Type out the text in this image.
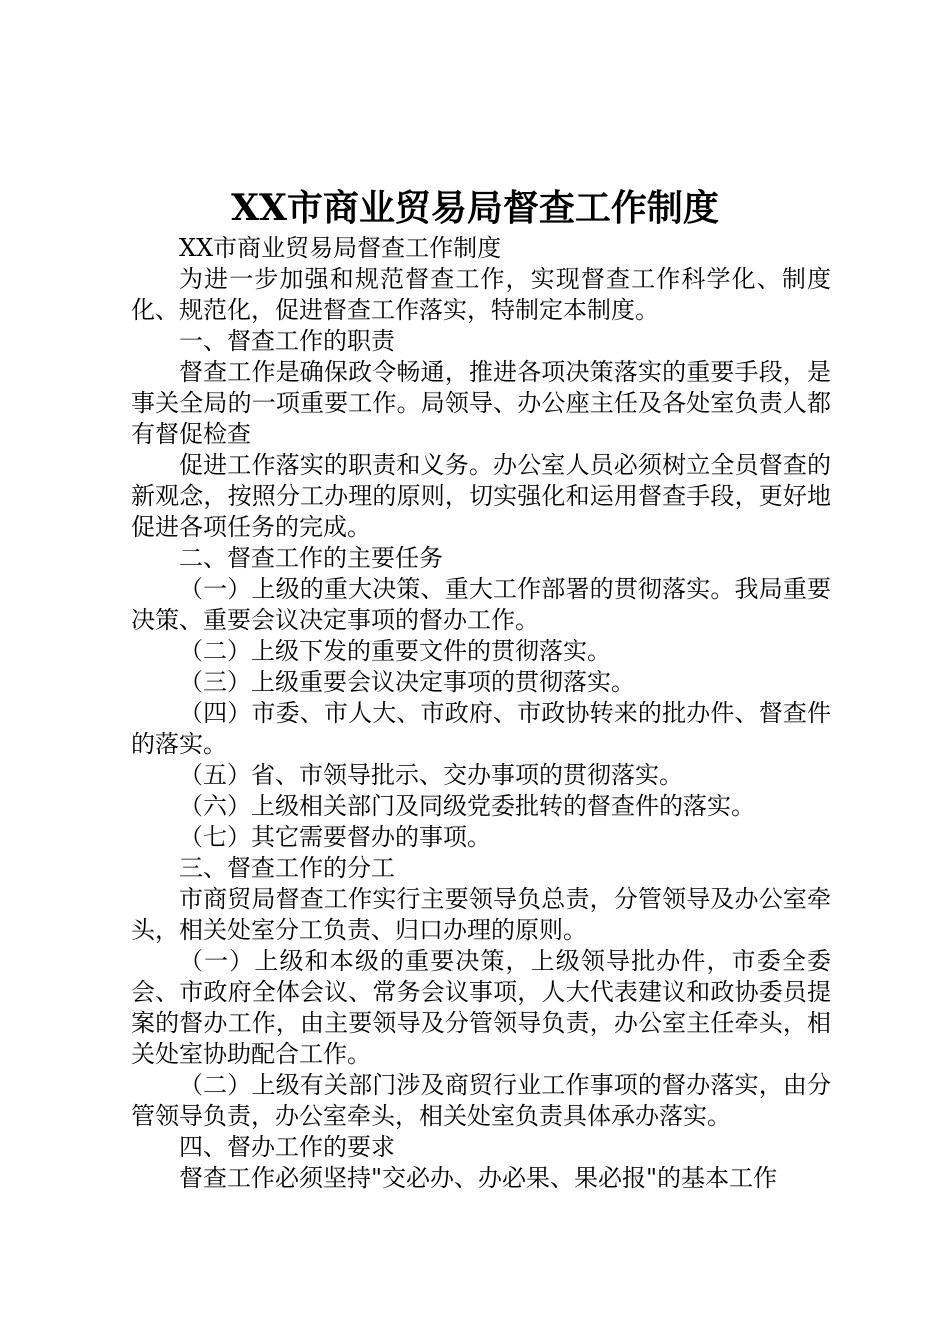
XX市商业贸易局督查工作制度

XX市商业贸易局督查工作制度

为进一步加强和规范督查工作，实现督查工作科学化、制度化、规范化，促进督查工作落实，特制定本制度。

一、督查工作的职责

督查工作是确保政令畅通，推进各项决策落实的重要手段，是事关全局的一项重要工作。局领导、办公座主任及各处室负责人都有督促检查

促进工作落实的职责和义务。办公室人员必须树立全员督查的新观念，按照分工办理的原则，切实强化和运用督查手段，更好地促进各项任务的完成。

二、督查工作的主要任务

（一）上级的重大决策、重大工作部署的贯彻落实。我局重要决策、重要会议决定事项的督办工作。

（二）上级下发的重要文件的贯彻落实。

（三）上级重要会议决定事项的贯彻落实。

（四）市委、市人大、市政府、市政协转来的批办件、督查件的落实。

（五）省、市领导批示、交办事项的贯彻落实。

（六）上级相关部门及同级党委批转的督查件的落实。

（七）其它需要督办的事项。

三、督查工作的分工

市商贸局督查工作实行主要领导负总责，分管领导及办公室牵头，相关处室分工负责、归口办理的原则。

（一）上级和本级的重要决策，上级领导批办件，市委全委会、市政府全体会议、常务会议事项，人大代表建议和政协委员提案的督办工作，由主要领导及分管领导负责，办公室主任牵头，相关处室协助配合工作。

（二）上级有关部门涉及商贸行业工作事项的督办落实，由分管领导负责，办公室牵头，相关处室负责具体承办落实。

四、督办工作的要求

督查工作必须坚持"交必办、办必果、果必报"的基本工作
